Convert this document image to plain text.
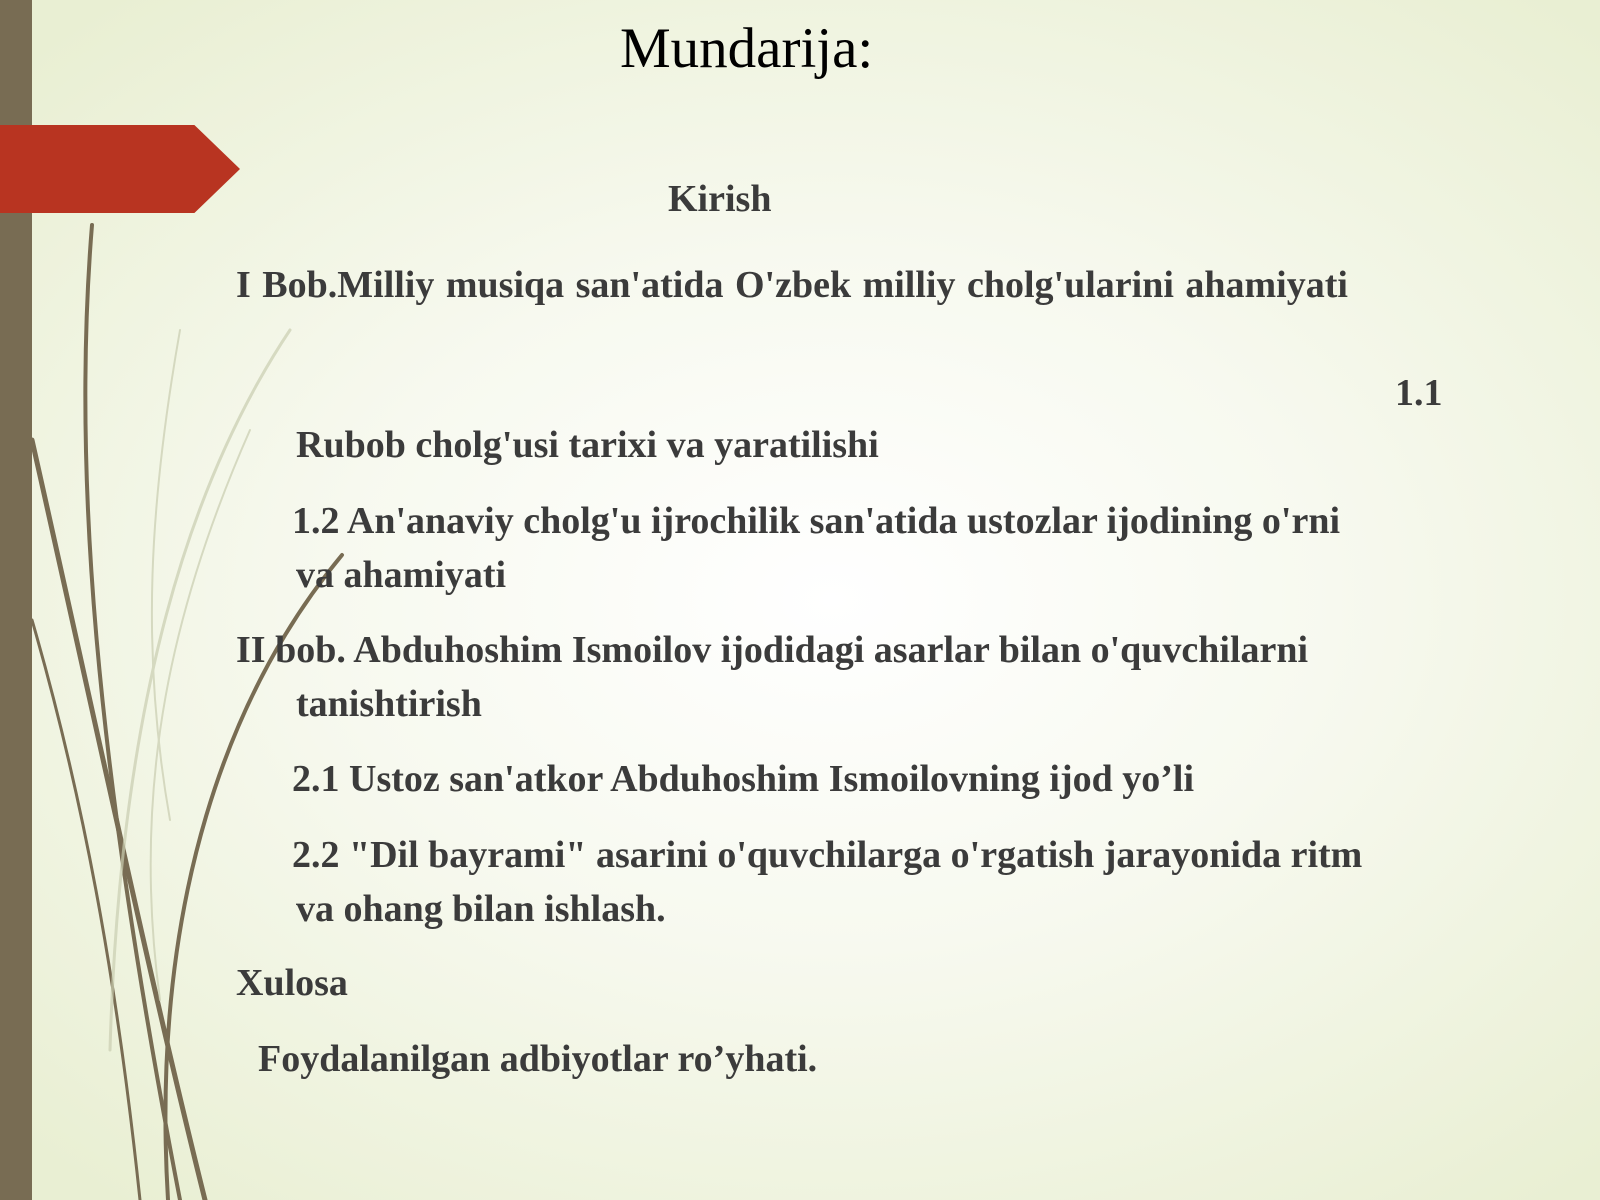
Mundarija:

Kirish

I Bob.Milliy musiqa san'atida O'zbek milliy cholg'ularini ahamiyati

1.1

Rubob cholg'usi tarixi va yaratilishi

1.2 An'anaviy cholg'u ijrochilik san'atida ustozlar ijodining o'rni
va ahamiyati

II bob. Abduhoshim Ismoilov ijodidagi asarlar bilan o'quvchilarni
tanishtirish

2.1 Ustoz san'atkor Abduhoshim Ismoilovning ijod yo’li

2.2 "Dil bayrami" asarini o'quvchilarga o'rgatish jarayonida ritm
va ohang bilan ishlash.

Xulosa

Foydalanilgan adbiyotlar ro’yhati.
